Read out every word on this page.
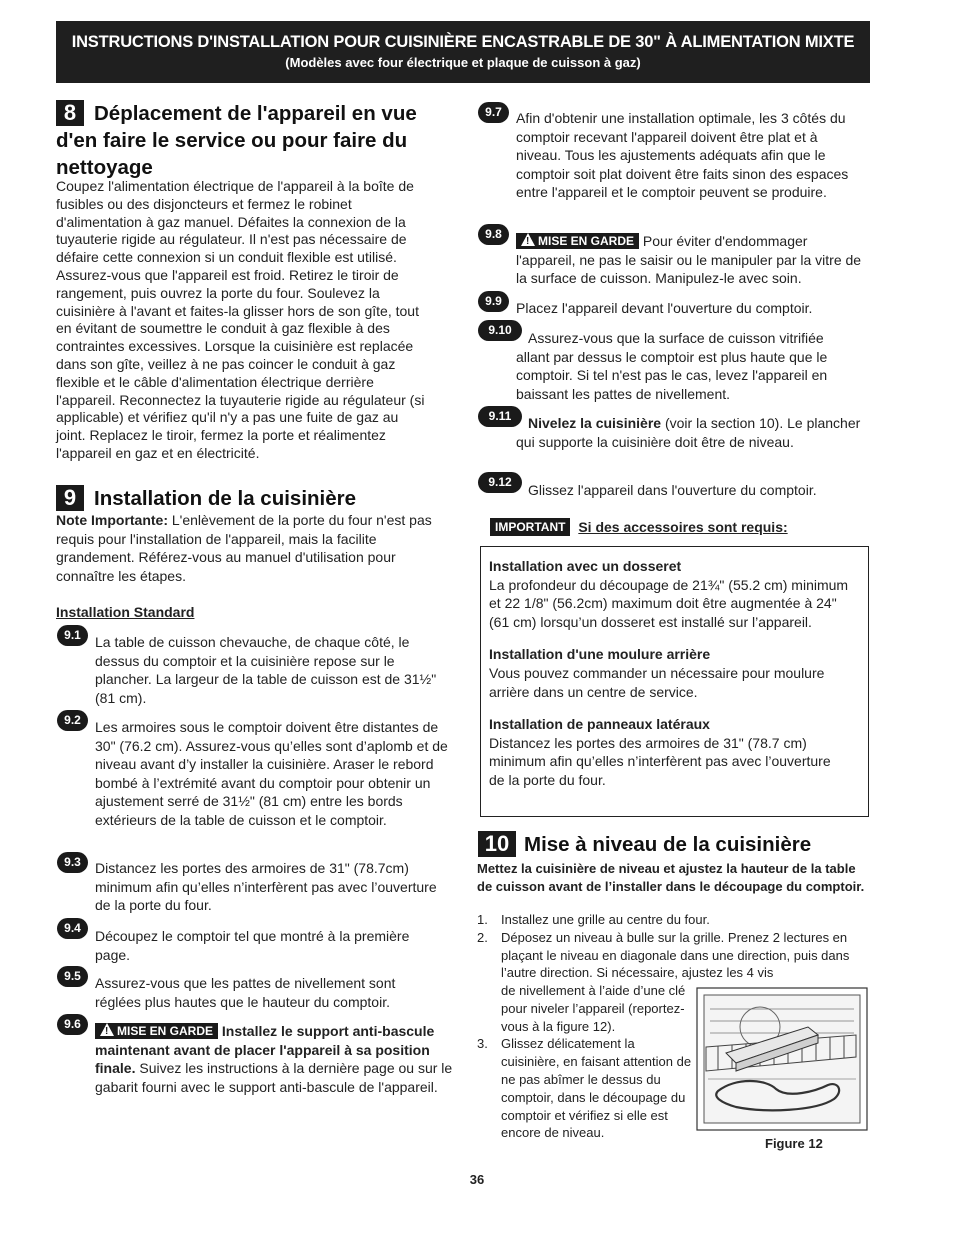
INSTRUCTIONS D'INSTALLATION POUR CUISINIÈRE ENCASTRABLE DE 30" À ALIMENTATION MIXTE
(Modèles avec four électrique et plaque de cuisson à gaz)
8 Déplacement de l'appareil en vue
d'en faire le service ou pour faire du
nettoyage

Coupez l'alimentation électrique de l'appareil à la boîte de fusibles ou des disjoncteurs et fermez le robinet d'alimentation à gaz manuel. Défaites la connexion de la tuyauterie rigide au régulateur. Il n'est pas nécessaire de défaire cette connexion si un conduit flexible est utilisé. Assurez-vous que l'appareil est froid. Retirez le tiroir de rangement, puis ouvrez la porte du four. Soulevez la cuisinière à l'avant et faites-la glisser hors de son gîte, tout en évitant de soumettre le conduit à gaz flexible à des contraintes excessives. Lorsque la cuisinière est replacée dans son gîte, veillez à ne pas coincer le conduit à gaz flexible et le câble d'alimentation électrique derrière l'appareil. Reconnectez la tuyauterie rigide au régulateur (si applicable) et vérifiez qu'il n'y a pas une fuite de gaz au joint. Replacez le tiroir, fermez la porte et réalimentez l'appareil en gaz et en électricité.

9 Installation de la cuisinière

Note Importante: L'enlèvement de la porte du four n'est pas requis pour l'installation de l'appareil, mais la facilite grandement. Référez-vous au manuel d'utilisation pour connaître les étapes.

Installation Standard
9.1	La table de cuisson chevauche, de chaque côté, le dessus du comptoir et la cuisinière repose sur le plancher. La largeur de la table de cuisson est de 31½" (81 cm).
9.2	Les armoires sous le comptoir doivent être distantes de 30" (76.2 cm). Assurez-vous qu’elles sont d’aplomb et de niveau avant d’y installer la cuisinière. Araser le rebord bombé à l’extrémité avant du comptoir pour obtenir un ajustement serré de 31½" (81 cm) entre les bords extérieurs de la table de cuisson et le comptoir.
9.3	Distancez les portes des armoires de 31" (78.7cm) minimum afin qu’elles n’interfèrent pas avec l’ouverture de la porte du four.
9.4	Découpez le comptoir tel que montré à la première page.
9.5	Assurez-vous que les pattes de nivellement sont réglées plus hautes que le hauteur du comptoir.
9.6 !	MISE EN GARDE Installez le support anti-bascule maintenant avant de placer l'appareil à sa position finale. Suivez les instructions à la dernière page ou sur le gabarit fourni avec le support anti-bascule de l'appareil.
9.7	Afin d'obtenir une installation optimale, les 3 côtés du comptoir recevant l'appareil doivent être plat et à niveau. Tous les ajustements adéquats afin que le comptoir soit plat doivent être faits sinon des espaces entre l'appareil et le comptoir peuvent se produire.
9.8 !	MISE EN GARDE Pour éviter d'endommager l'appareil, ne pas le saisir ou le manipuler par la vitre de la surface de cuisson. Manipulez-le avec soin.
9.9	Placez l'appareil devant l'ouverture du comptoir.
9.10	Assurez-vous que la surface de cuisson vitrifiée allant par dessus le comptoir est plus haute que le comptoir. Si tel n'est pas le cas, levez l'appareil en baissant les pattes de nivellement.
9.11	Nivelez la cuisinière (voir la section 10). Le plancher qui supporte la cuisinière doit être de niveau.
9.12	Glissez l'appareil dans l'ouverture du comptoir.
IMPORTANT Si des accessoires sont requis:
Installation avec un dosseret
La profondeur du découpage de 21¾" (55.2 cm) minimum et 22 1/8" (56.2cm) maximum doit être augmentée à 24" (61 cm) lorsqu’un dosseret est installé sur l’appareil.
Installation d'une moulure arrière
Vous pouvez commander un nécessaire pour moulure arrière dans un centre de service.
Installation de panneaux latéraux
Distancez les portes des armoires de 31" (78.7 cm) minimum afin qu’elles n’interfèrent pas avec l’ouverture de la porte du four.
10 Mise à niveau de la cuisinière
Mettez la cuisinière de niveau et ajustez la hauteur de la table de cuisson avant de l’installer dans le découpage du comptoir.
1. Installez une grille au centre du four.
2. Déposez un niveau à bulle sur la grille. Prenez 2 lectures en plaçant le niveau en diagonale dans une direction, puis dans l’autre direction. Si nécessaire, ajustez les 4 vis
de nivellement à l’aide d’une clé pour niveler l’appareil (reportez-vous à la figure 12).
3. Glissez délicatement la cuisinière, en faisant attention de ne pas abîmer le dessus du comptoir, dans le découpage du comptoir et vérifiez si elle est encore de niveau.
Figure 12
36
